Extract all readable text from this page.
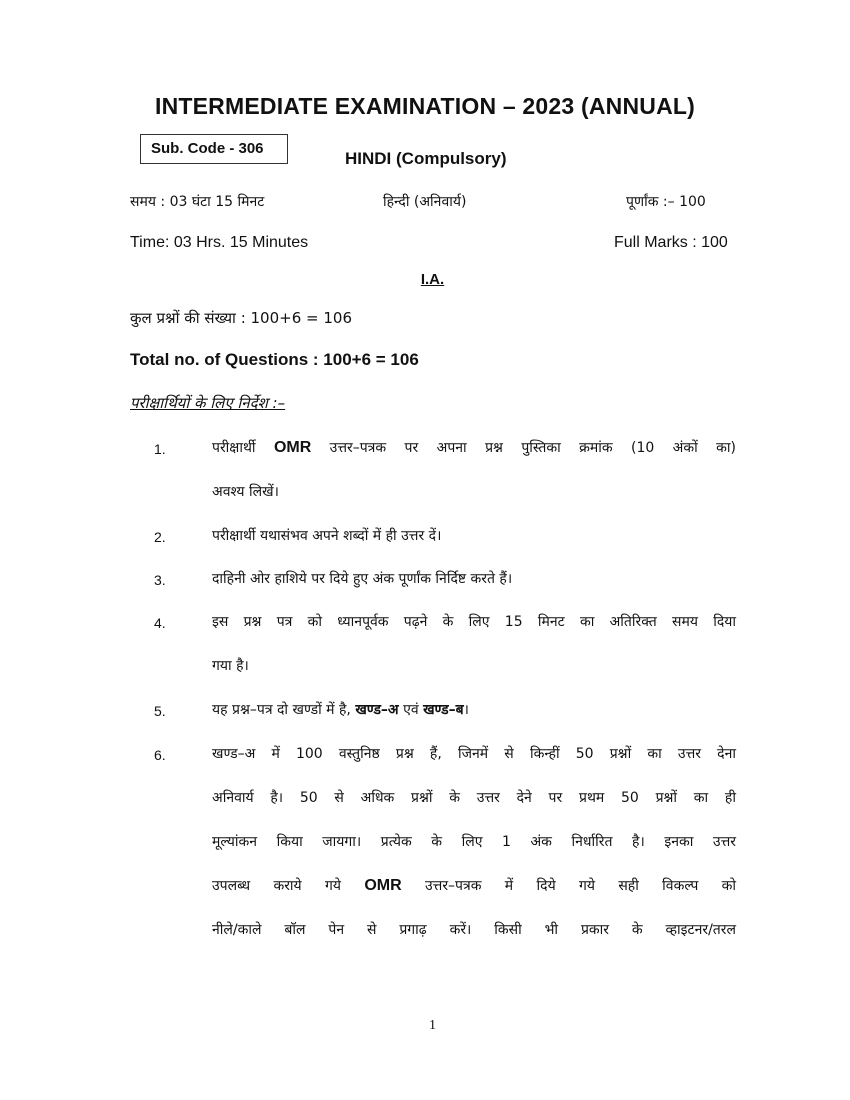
INTERMEDIATE EXAMINATION – 2023 (ANNUAL)
Sub. Code - 306
HINDI (Compulsory)
समय : 03 घंटा 15 मिनट	हिन्दी (अनिवार्य)	पूर्णांक :– 100
Time: 03 Hrs. 15 Minutes	Full Marks : 100
I.A.
कुल प्रश्नों की संख्या : 100+6 = 106
Total no. of Questions : 100+6 = 106
परीक्षार्थियों के लिए निर्देश :–
1.	परीक्षार्थी OMR उत्तर–पत्रक पर अपना प्रश्न पुस्तिका क्रमांक (10 अंकों का)
अवश्य लिखें।
2.	परीक्षार्थी यथासंभव अपने शब्दों में ही उत्तर दें।
3.	दाहिनी ओर हाशिये पर दिये हुए अंक पूर्णांक निर्दिष्ट करते हैं।
4.	इस प्रश्न पत्र को ध्यानपूर्वक पढ़ने के लिए 15 मिनट का अतिरिक्त समय दिया
गया है।
5.	यह प्रश्न–पत्र दो खण्डों में है, खण्ड–अ एवं खण्ड–ब।
6.	खण्ड–अ में 100 वस्तुनिष्ठ प्रश्न हैं, जिनमें से किन्हीं 50 प्रश्नों का उत्तर देना
अनिवार्य है। 50 से अधिक प्रश्नों के उत्तर देने पर प्रथम 50 प्रश्नों का ही
मूल्यांकन किया जायगा। प्रत्येक के लिए 1 अंक निर्धारित है। इनका उत्तर
उपलब्ध कराये गये OMR उत्तर–पत्रक में दिये गये सही विकल्प को
नीले/काले बॉल पेन से प्रगाढ़ करें। किसी भी प्रकार के व्हाइटनर/तरल
1
